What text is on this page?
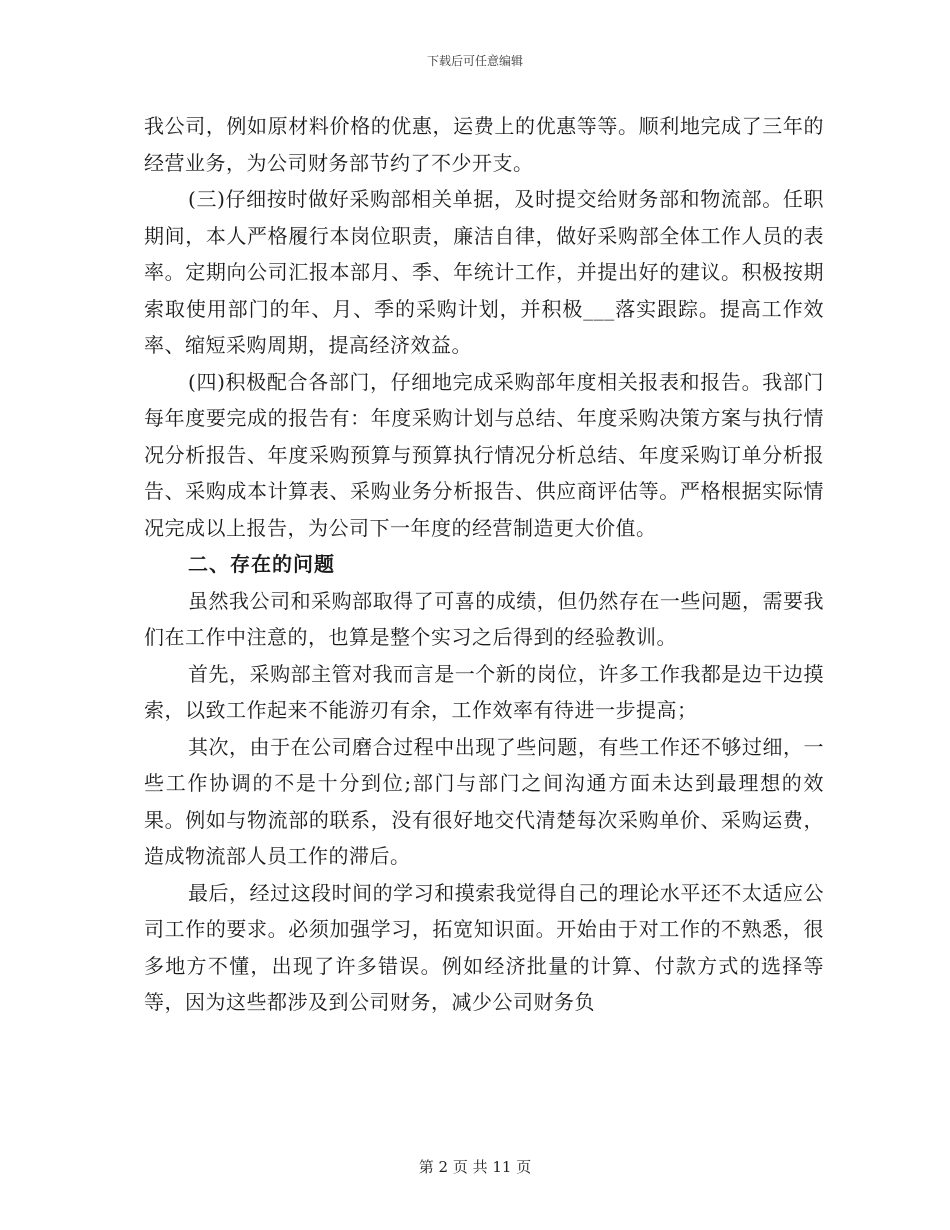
下载后可任意编辑

我公司，例如原材料价格的优惠，运费上的优惠等等。顺利地完成了三年的经营业务，为公司财务部节约了不少开支。

(三)仔细按时做好采购部相关单据，及时提交给财务部和物流部。任职期间，本人严格履行本岗位职责，廉洁自律，做好采购部全体工作人员的表率。定期向公司汇报本部月、季、年统计工作，并提出好的建议。积极按期索取使用部门的年、月、季的采购计划，并积极___落实跟踪。提高工作效率、缩短采购周期，提高经济效益。

(四)积极配合各部门，仔细地完成采购部年度相关报表和报告。我部门每年度要完成的报告有：年度采购计划与总结、年度采购决策方案与执行情况分析报告、年度采购预算与预算执行情况分析总结、年度采购订单分析报告、采购成本计算表、采购业务分析报告、供应商评估等。严格根据实际情况完成以上报告，为公司下一年度的经营制造更大价值。

二、存在的问题

虽然我公司和采购部取得了可喜的成绩，但仍然存在一些问题，需要我们在工作中注意的，也算是整个实习之后得到的经验教训。

首先，采购部主管对我而言是一个新的岗位，许多工作我都是边干边摸索，以致工作起来不能游刃有余，工作效率有待进一步提高；

其次，由于在公司磨合过程中出现了些问题，有些工作还不够过细，一些工作协调的不是十分到位;部门与部门之间沟通方面未达到最理想的效果。例如与物流部的联系，没有很好地交代清楚每次采购单价、采购运费，造成物流部人员工作的滞后。

最后，经过这段时间的学习和摸索我觉得自己的理论水平还不太适应公司工作的要求。必须加强学习，拓宽知识面。开始由于对工作的不熟悉，很多地方不懂，出现了许多错误。例如经济批量的计算、付款方式的选择等等，因为这些都涉及到公司财务，减少公司财务负

第 2 页 共 11 页
